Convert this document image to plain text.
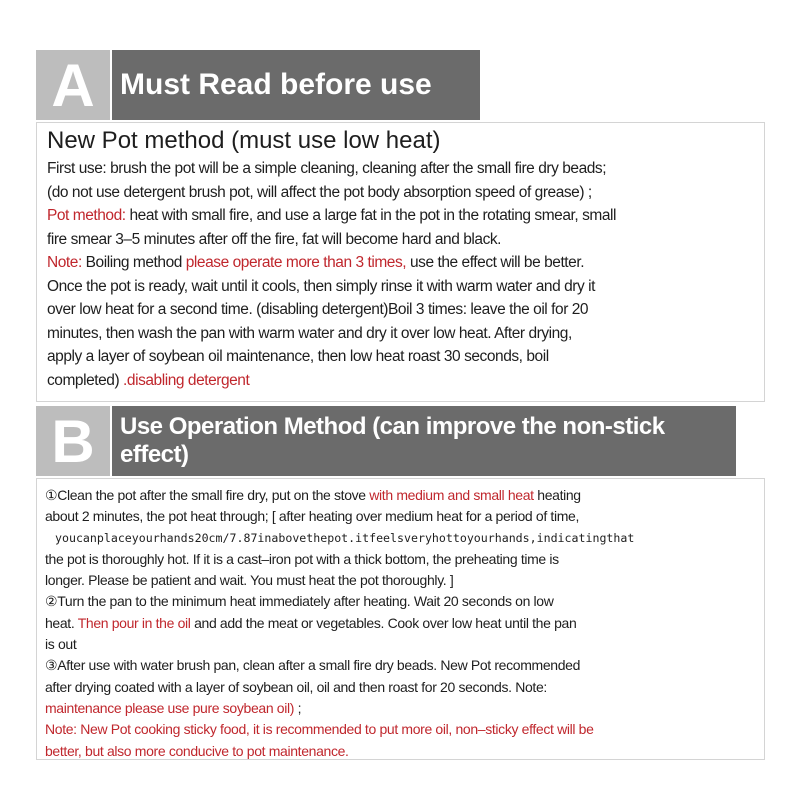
A Must Read before use
New Pot method (must use low heat)
First use: brush the pot will be a simple cleaning, cleaning after the small fire dry beads;
(do not use detergent brush pot, will affect the pot body absorption speed of grease) ;
Pot method: heat with small fire, and use a large fat in the pot in the rotating smear, small
fire smear 3–5 minutes after off the fire, fat will become hard and black.
Note: Boiling method please operate more than 3 times, use the effect will be better.
Once the pot is ready, wait until it cools, then simply rinse it with warm water and dry it
over low heat for a second time. (disabling detergent)Boil 3 times: leave the oil for 20
minutes, then wash the pan with warm water and dry it over low heat. After drying,
apply a layer of soybean oil maintenance, then low heat roast 30 seconds, boil
completed) .disabling detergent
B	Use Operation Method (can improve the non-stick effect)
①Clean the pot after the small fire dry, put on the stove with medium and small heat heating
about 2 minutes, the pot heat through; [ after heating over medium heat for a period of time,
youcanplaceyourhands20cm/7.87inabovethepot.itfeelsveryhottoyourhands,indicatingthat
the pot is thoroughly hot. If it is a cast–iron pot with a thick bottom, the preheating time is
longer. Please be patient and wait. You must heat the pot thoroughly. ]
②Turn the pan to the minimum heat immediately after heating. Wait 20 seconds on low
heat. Then pour in the oil and add the meat or vegetables. Cook over low heat until the pan
is out
③After use with water brush pan, clean after a small fire dry beads. New Pot recommended
after drying coated with a layer of soybean oil, oil and then roast for 20 seconds. Note:
maintenance please use pure soybean oil) ;
Note: New Pot cooking sticky food, it is recommended to put more oil, non–sticky effect will be
better, but also more conducive to pot maintenance.
